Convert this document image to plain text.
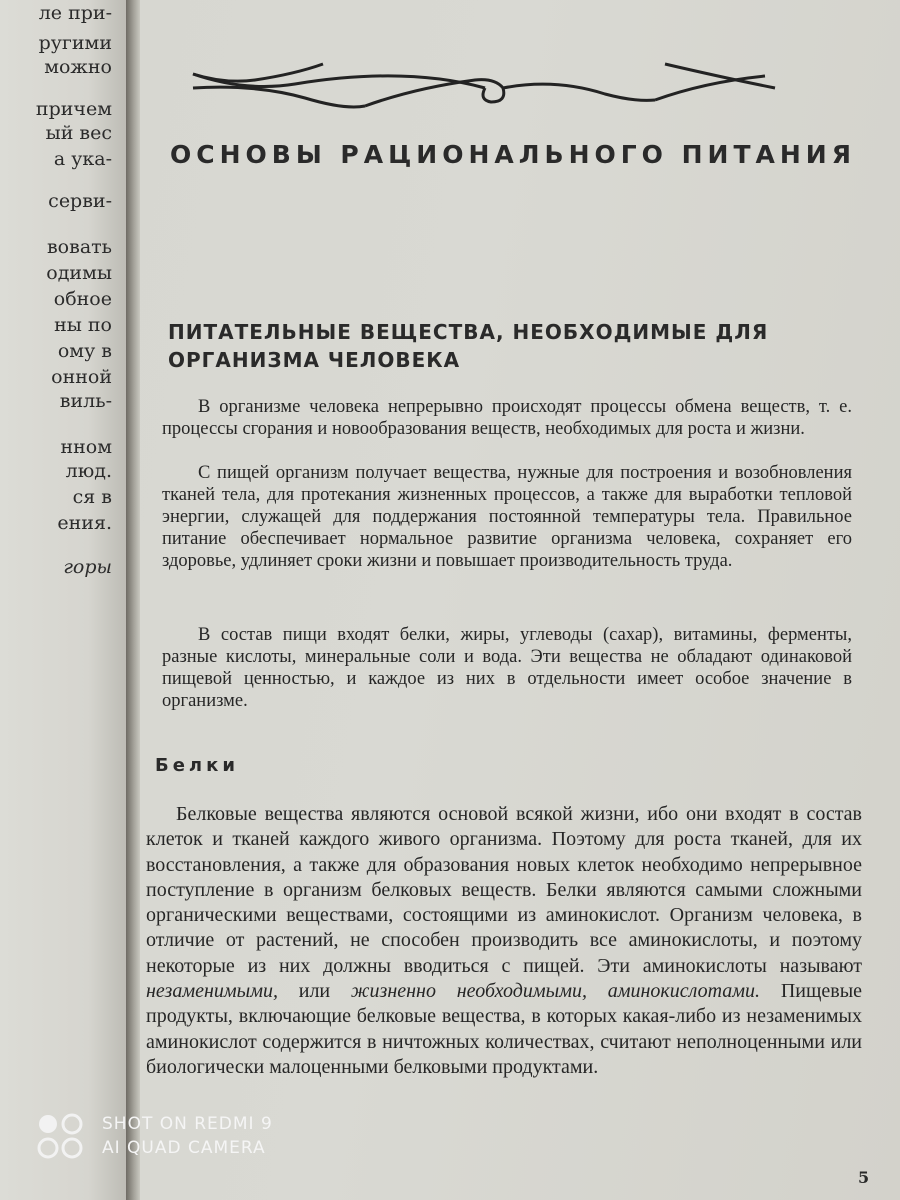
ле при-
ругими
можно
причем
ый вес
а ука-
серви-
вовать
одимы
обное
ны по
ому в
онной
виль-
нном
люд.
ся в
ения.
горы
ОСНОВЫ РАЦИОНАЛЬНОГО ПИТАНИЯ
ПИТАТЕЛЬНЫЕ ВЕЩЕСТВА, НЕОБХОДИМЫЕ ДЛЯ ОРГАНИЗМА ЧЕЛОВЕКА

В организме человека непрерывно происходят процессы обмена веществ, т. е. процессы сгорания и новообразования веществ, необходимых для роста и жизни.

С пищей организм получает вещества, нужные для построения и возобновления тканей тела, для протекания жизненных процессов, а также для выработки тепловой энергии, служащей для поддержания постоянной температуры тела. Правильное питание обеспечивает нормальное развитие организма человека, сохраняет его здоровье, удлиняет сроки жизни и повышает производительность труда.

В состав пищи входят белки, жиры, углеводы (сахар), витамины, ферменты, разные кислоты, минеральные соли и вода. Эти вещества не обладают одинаковой пищевой ценностью, и каждое из них в отдельности имеет особое значение в организме.

Белки

Белковые вещества являются основой всякой жизни, ибо они входят в состав клеток и тканей каждого живого организма. Поэтому для роста тканей, для их восстановления, а также для образования новых клеток необходимо непрерывное поступление в организм белковых веществ. Белки являются самыми сложными органическими веществами, состоящими из аминокислот. Организм человека, в отличие от растений, не способен производить все аминокислоты, и поэтому некоторые из них должны вводиться с пищей. Эти аминокислоты называют незаменимыми, или жизненно необходимыми, аминокислотами. Пищевые продукты, включающие белковые вещества, в которых какая-либо из незаменимых аминокислот содержится в ничтожных количествах, считают неполноценными или биологически малоценными белковыми продуктами.

5
SHOT ON REDMI 9
AI QUAD CAMERA
